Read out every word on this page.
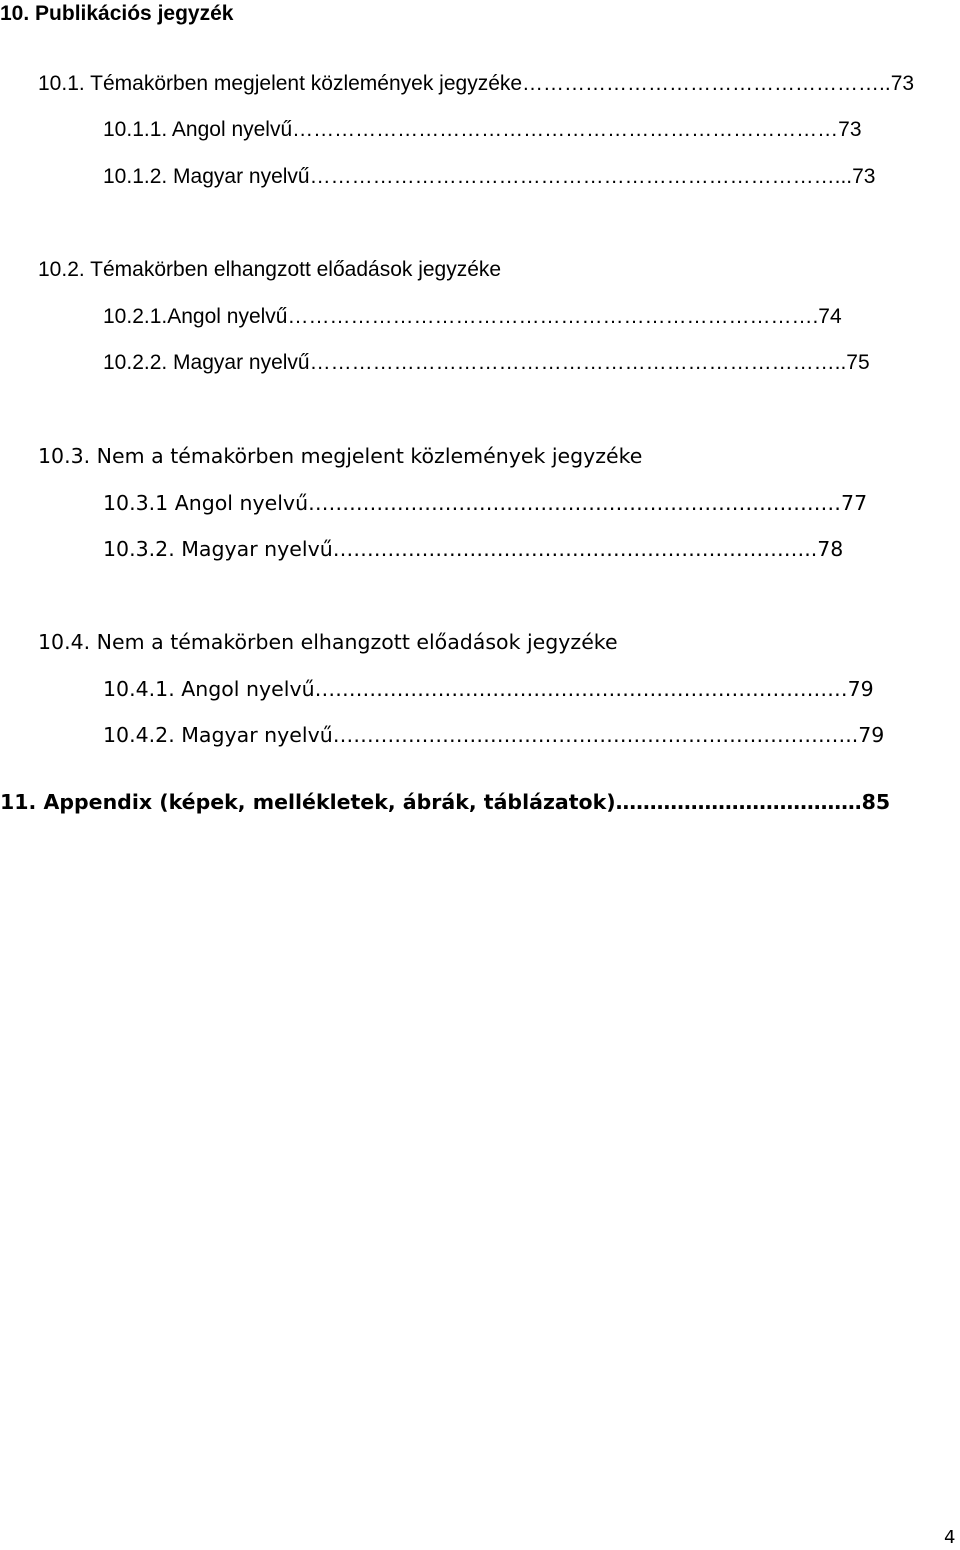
10. Publikációs jegyzék
10.1. Témakörben megjelent közlemények jegyzéke……………………………………………..73
10.1.1. Angol nyelvű……………………………………………………………………73
10.1.2. Magyar nyelvű…………………………………………………………………...73
10.2. Témakörben elhangzott előadások jegyzéke
10.2.1.Angol nyelvű………………………………………………………………….74
10.2.2. Magyar nyelvű…………………………………………………………………..75
10.3. Nem a témakörben megjelent közlemények jegyzéke
10.3.1 Angol nyelvű……………………………………………………………………77
10.3.2. Magyar nyelvű……………………………………………………………..78
10.4. Nem a témakörben elhangzott előadások jegyzéke
10.4.1. Angol nyelvű……………………………………………………………………79
10.4.2. Magyar nyelvű…………………………………………………………………..79
11. Appendix (képek, mellékletek, ábrák, táblázatok)………………………………85
4
